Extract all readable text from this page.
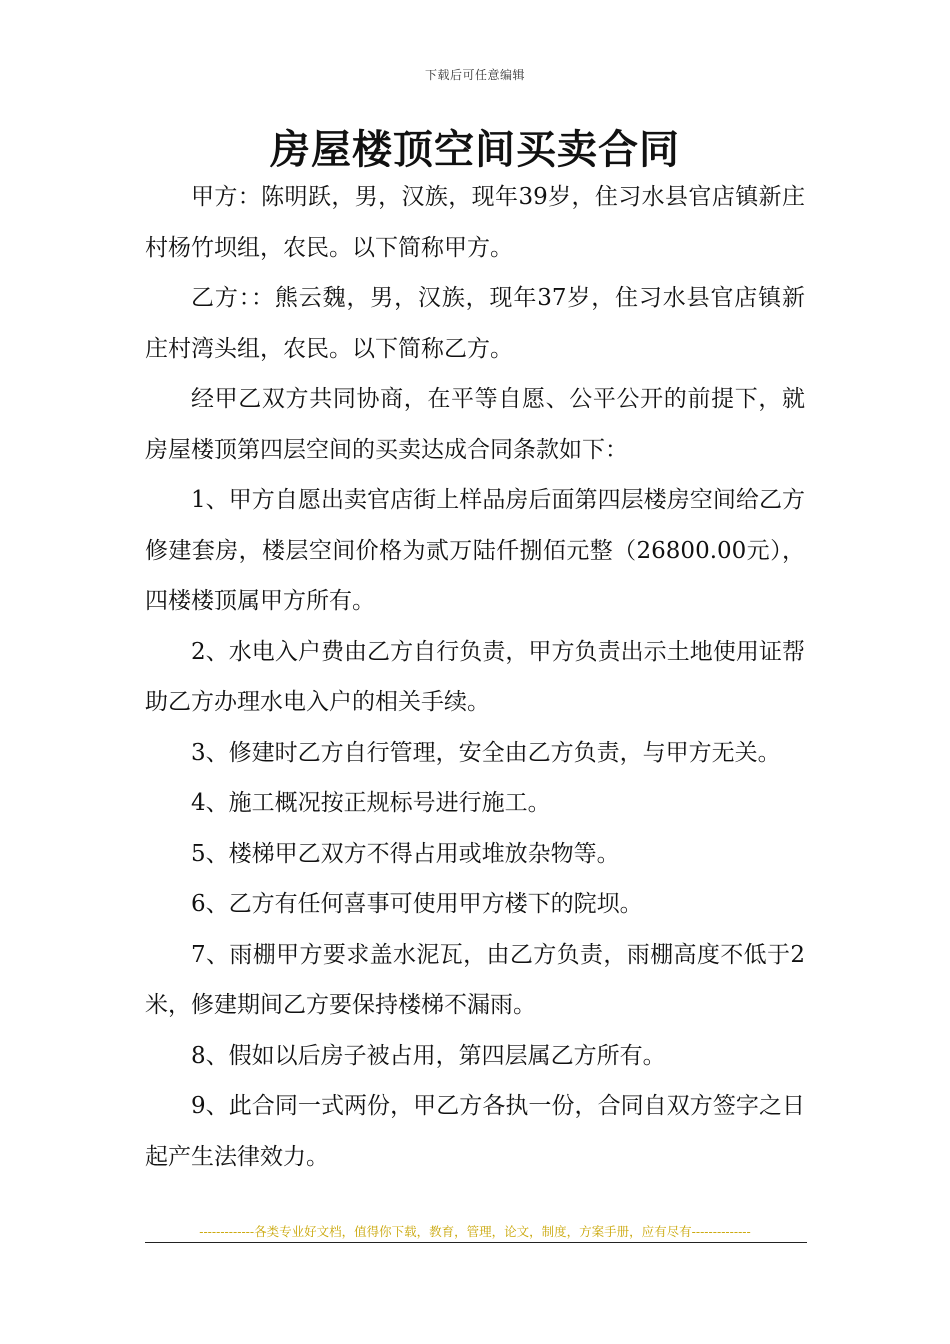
下载后可任意编辑
房屋楼顶空间买卖合同

甲方：陈明跃，男，汉族，现年39岁，住习水县官店镇新庄村杨竹坝组，农民。以下简称甲方。

乙方：：熊云魏，男，汉族，现年37岁，住习水县官店镇新庄村湾头组，农民。以下简称乙方。

经甲乙双方共同协商，在平等自愿、公平公开的前提下，就房屋楼顶第四层空间的买卖达成合同条款如下：

1、甲方自愿出卖官店街上样品房后面第四层楼房空间给乙方修建套房，楼层空间价格为贰万陆仟捌佰元整（26800.00元），四楼楼顶属甲方所有。

2、水电入户费由乙方自行负责，甲方负责出示土地使用证帮助乙方办理水电入户的相关手续。

3、修建时乙方自行管理，安全由乙方负责，与甲方无关。

4、施工概况按正规标号进行施工。

5、楼梯甲乙双方不得占用或堆放杂物等。

6、乙方有任何喜事可使用甲方楼下的院坝。

7、雨棚甲方要求盖水泥瓦，由乙方负责，雨棚高度不低于2米，修建期间乙方要保持楼梯不漏雨。

8、假如以后房子被占用，第四层属乙方所有。

9、此合同一式两份，甲乙方各执一份，合同自双方签字之日起产生法律效力。

-------------各类专业好文档，值得你下载，教育，管理，论文，制度，方案手册，应有尽有--------------
